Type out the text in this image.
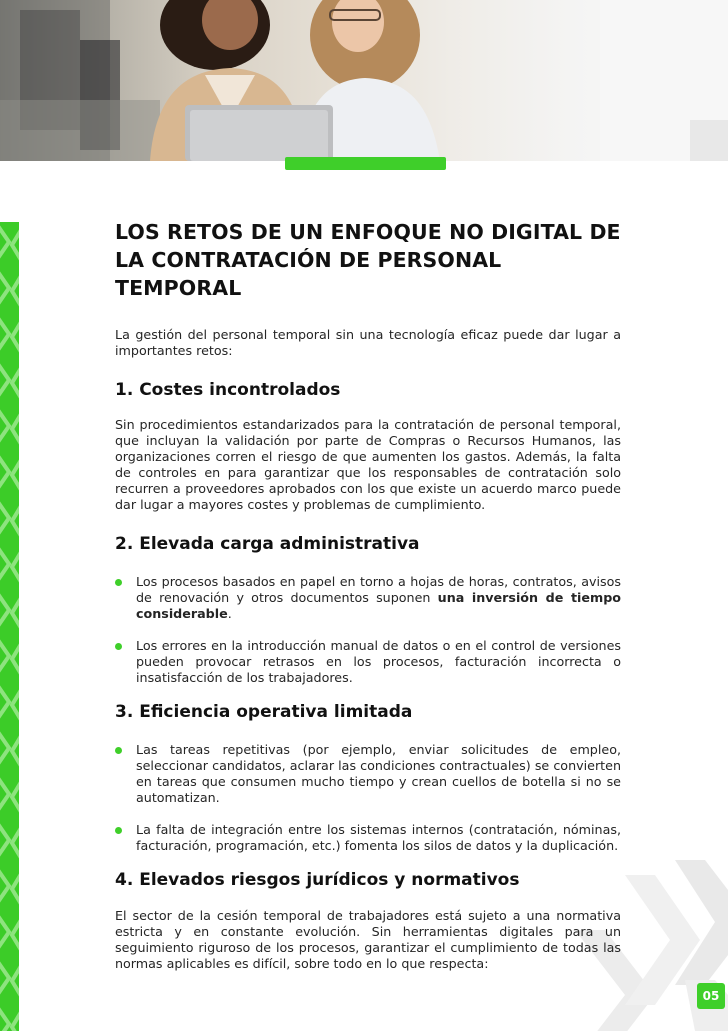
05
LOS RETOS DE UN ENFOQUE NO DIGITAL DE
LA CONTRATACIÓN DE PERSONAL TEMPORAL

La gestión del personal temporal sin una tecnología eficaz puede dar lugar a importantes retos:

1. Costes incontrolados

Sin procedimientos estandarizados para la contratación de personal temporal, que incluyan la validación por parte de Compras o Recursos Humanos, las organizaciones corren el riesgo de que aumenten los gastos. Además, la falta de controles en para garantizar que los responsables de contratación solo recurren a proveedores aprobados con los que existe un acuerdo marco puede dar lugar a mayores costes y problemas de cumplimiento.

2. Elevada carga administrativa
Los procesos basados en papel en torno a hojas de horas, contratos, avisos de renovación y otros documentos suponen una inversión de tiempo considerable.
Los errores en la introducción manual de datos o en el control de versiones pueden provocar retrasos en los procesos, facturación incorrecta o insatisfacción de los trabajadores.
3. Eficiencia operativa limitada
Las tareas repetitivas (por ejemplo, enviar solicitudes de empleo, seleccionar candidatos, aclarar las condiciones contractuales) se convierten en tareas que consumen mucho tiempo y crean cuellos de botella si no se automatizan.
La falta de integración entre los sistemas internos (contratación, nóminas, facturación, programación, etc.) fomenta los silos de datos y la duplicación.
4. Elevados riesgos jurídicos y normativos

El sector de la cesión temporal de trabajadores está sujeto a una normativa estricta y en constante evolución. Sin herramientas digitales para un seguimiento riguroso de los procesos, garantizar el cumplimiento de todas las normas aplicables es difícil, sobre todo en lo que respecta:
